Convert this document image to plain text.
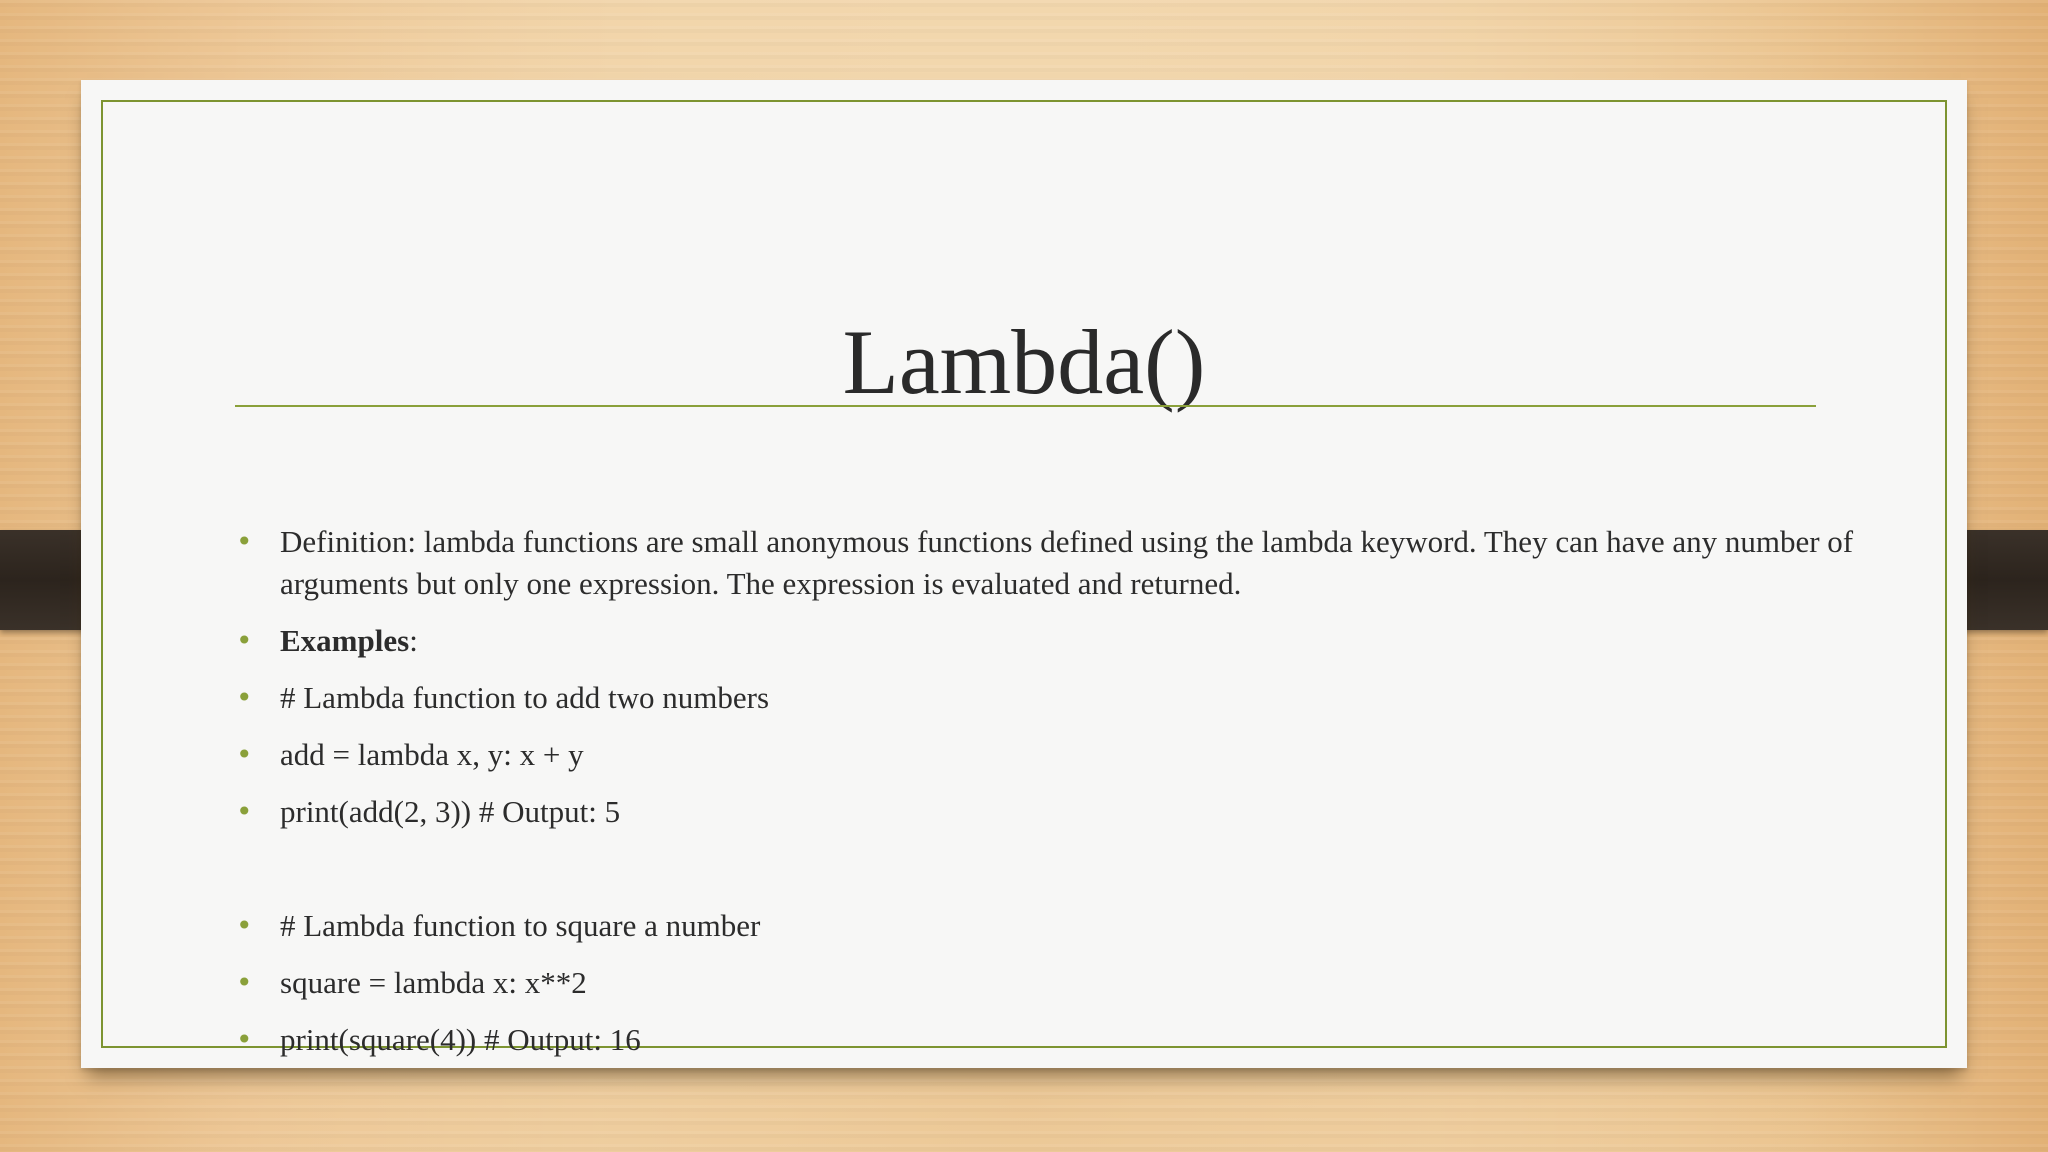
Lambda()
• Definition: lambda functions are small anonymous functions defined using the lambda keyword. They can have any number of arguments but only one expression. The expression is evaluated and returned.
• Examples:
• # Lambda function to add two numbers
• add = lambda x, y: x + y
• print(add(2, 3)) # Output: 5
• # Lambda function to square a number
• square = lambda x: x**2
• print(square(4)) # Output: 16
